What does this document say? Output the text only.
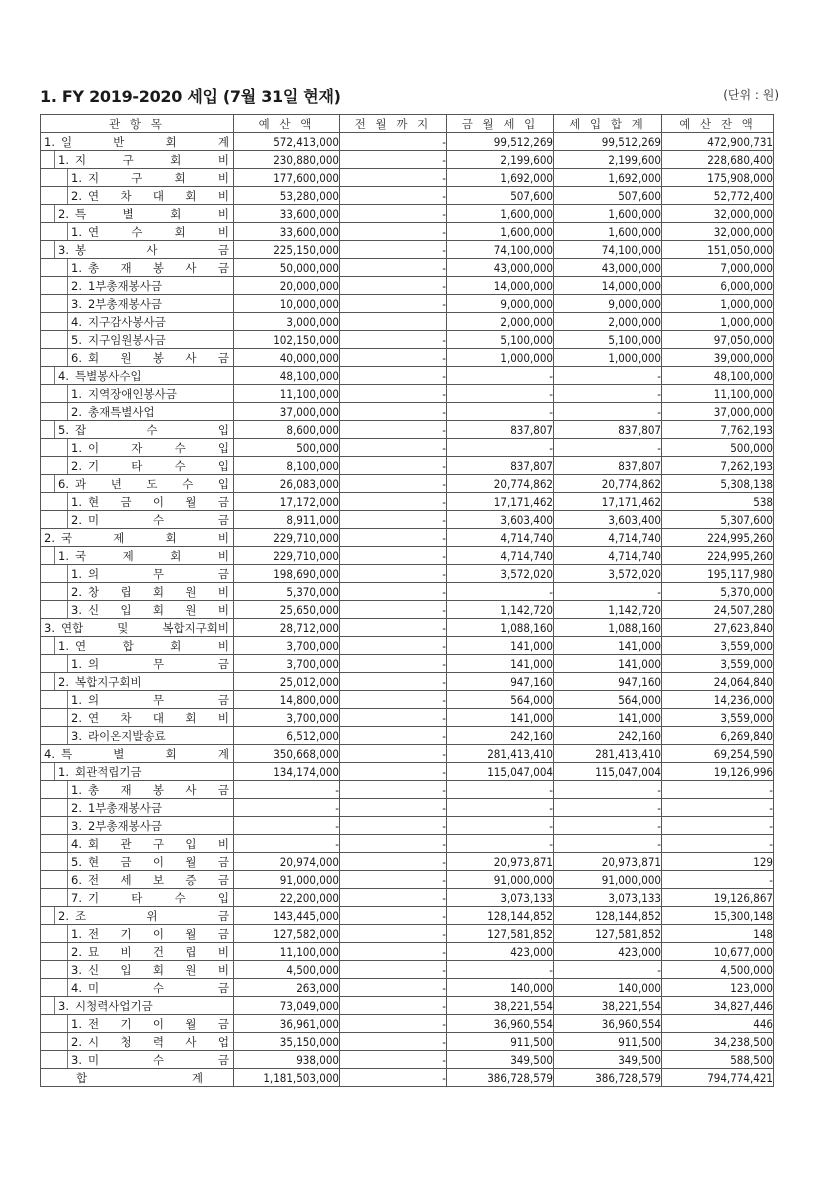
1. FY 2019-2020 세입 (7월 31일 현재)	(단위 : 원)
관 항 목	예 산 액	전 월 까 지	금 월 세 입	세 입 합 계	예 산 잔 액

1. 일 반 회 계	572,413,000	-	99,512,269	99,512,269	472,900,731

1. 지 구 회 비	230,880,000	-	2,199,600	2,199,600	228,680,400

1. 지 구 회 비	177,600,000	-	1,692,000	1,692,000	175,908,000

2. 연 차 대 회 비	53,280,000	-	507,600	507,600	52,772,400

2. 특 별 회 비	33,600,000	-	1,600,000	1,600,000	32,000,000

1. 연 수 회 비	33,600,000	-	1,600,000	1,600,000	32,000,000

3. 봉 사 금	225,150,000	-	74,100,000	74,100,000	151,050,000

1. 총 재 봉 사 금	50,000,000	-	43,000,000	43,000,000	7,000,000

2. 1부총재봉사금	20,000,000	-	14,000,000	14,000,000	6,000,000

3. 2부총재봉사금	10,000,000	-	9,000,000	9,000,000	1,000,000

4. 지구감사봉사금	3,000,000		2,000,000	2,000,000	1,000,000

5. 지구임원봉사금	102,150,000	-	5,100,000	5,100,000	97,050,000

6. 회 원 봉 사 금	40,000,000	-	1,000,000	1,000,000	39,000,000

4. 특별봉사수입	48,100,000	-	-	-	48,100,000

1. 지역장애인봉사금	11,100,000	-	-	-	11,100,000

2. 총재특별사업	37,000,000	-	-	-	37,000,000

5. 잡 수 입	8,600,000	-	837,807	837,807	7,762,193

1. 이 자 수 입	500,000	-	-	-	500,000

2. 기 타 수 입	8,100,000	-	837,807	837,807	7,262,193

6. 과 년 도 수 입	26,083,000	-	20,774,862	20,774,862	5,308,138

1. 현 금 이 월 금	17,172,000	-	17,171,462	17,171,462	538

2. 미 수 금	8,911,000	-	3,603,400	3,603,400	5,307,600

2. 국 제 회 비	229,710,000	-	4,714,740	4,714,740	224,995,260

1. 국 제 회 비	229,710,000	-	4,714,740	4,714,740	224,995,260

1. 의 무 금	198,690,000	-	3,572,020	3,572,020	195,117,980

2. 창 립 회 원 비	5,370,000	-	-	-	5,370,000

3. 신 입 회 원 비	25,650,000	-	1,142,720	1,142,720	24,507,280

3. 연합 및 복합지구회비	28,712,000	-	1,088,160	1,088,160	27,623,840

1. 연 합 회 비	3,700,000	-	141,000	141,000	3,559,000

1. 의 무 금	3,700,000	-	141,000	141,000	3,559,000

2. 복합지구회비	25,012,000	-	947,160	947,160	24,064,840

1. 의 무 금	14,800,000	-	564,000	564,000	14,236,000

2. 연 차 대 회 비	3,700,000	-	141,000	141,000	3,559,000

3. 라이온지발송료	6,512,000	-	242,160	242,160	6,269,840

4. 특 별 회 계	350,668,000	-	281,413,410	281,413,410	69,254,590

1. 회관적립기금	134,174,000	-	115,047,004	115,047,004	19,126,996

1. 총 재 봉 사 금	-	-	-	-	-

2. 1부총재봉사금	-	-	-	-	-

3. 2부총재봉사금	-	-	-	-	-

4. 회 관 구 입 비	-	-	-	-	-

5. 현 금 이 월 금	20,974,000	-	20,973,871	20,973,871	129

6. 전 세 보 증 금	91,000,000	-	91,000,000	91,000,000	-

7. 기 타 수 입	22,200,000	-	3,073,133	3,073,133	19,126,867

2. 조 위 금	143,445,000	-	128,144,852	128,144,852	15,300,148

1. 전 기 이 월 금	127,582,000	-	127,581,852	127,581,852	148

2. 묘 비 건 립 비	11,100,000	-	423,000	423,000	10,677,000

3. 신 입 회 원 비	4,500,000	-	-	-	4,500,000

4. 미 수 금	263,000	-	140,000	140,000	123,000

3. 시청력사업기금	73,049,000	-	38,221,554	38,221,554	34,827,446

1. 전 기 이 월 금	36,961,000	-	36,960,554	36,960,554	446

2. 시 청 력 사 업	35,150,000	-	911,500	911,500	34,238,500

3. 미 수 금	938,000	-	349,500	349,500	588,500

합 계	1,181,503,000	-	386,728,579	386,728,579	794,774,421
